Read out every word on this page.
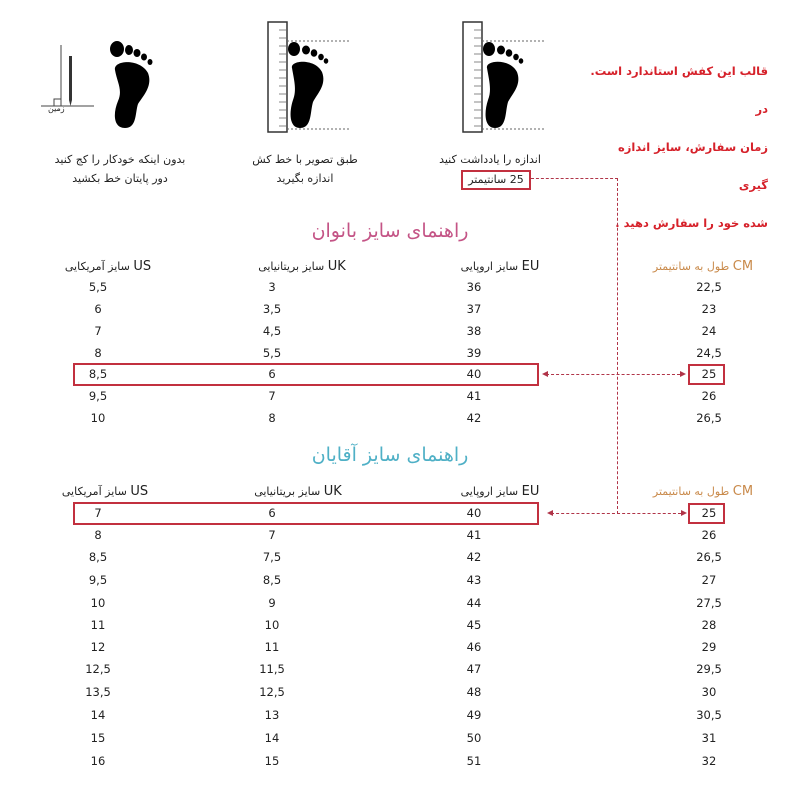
زمین
بدون اینکه خودکار را کج کنید
دور پایتان خط بکشید
طبق تصویر با خط کش
اندازه بگیرید
اندازه را یادداشت کنید
25 سانتیمتر
قالب این کفش استاندارد است. در
زمان سفارش، سایز اندازه گیری
شده خود را سفارش دهید .
راهنمای سایز بانوان
US سایز آمریکایی	UK سایز بریتانیایی	EU سایز اروپایی	CM طول به سانتیمتر
5,5	3	36	22,5
6	3,5	37	23
7	4,5	38	24
8	5,5	39	24,5
8,5	6	40	25
9,5	7	41	26
10	8	42	26,5
راهنمای سایز آقایان
US سایز آمریکایی	UK سایز بریتانیایی	EU سایز اروپایی	CM طول به سانتیمتر
7	6	40	25
8	7	41	26
8,5	7,5	42	26,5
9,5	8,5	43	27
10	9	44	27,5
11	10	45	28
12	11	46	29
12,5	11,5	47	29,5
13,5	12,5	48	30
14	13	49	30,5
15	14	50	31
16	15	51	32
